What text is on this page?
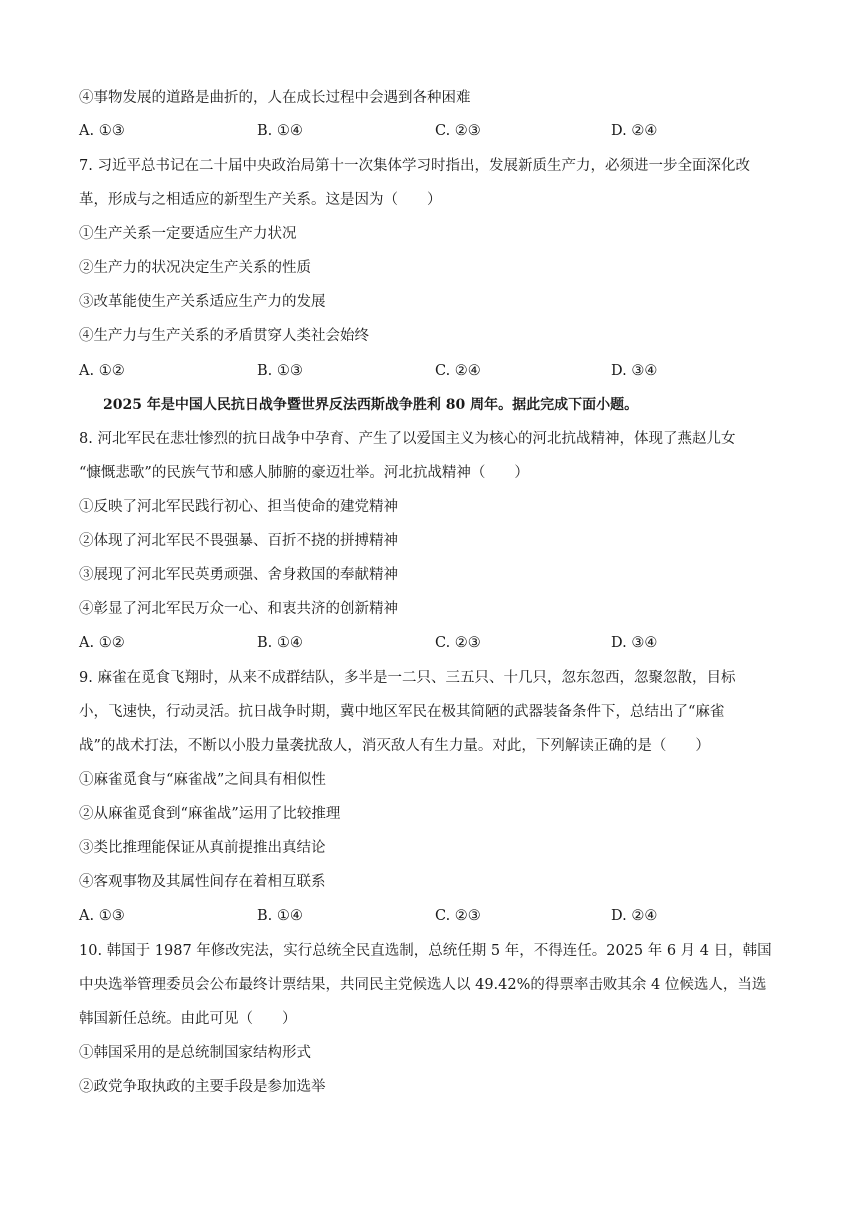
④事物发展的道路是曲折的，人在成长过程中会遇到各种困难
A. ①③	B. ①④	C. ②③	D. ②④
7. 习近平总书记在二十届中央政治局第十一次集体学习时指出，发展新质生产力，必须进一步全面深化改
革，形成与之相适应的新型生产关系。这是因为（　　）
①生产关系一定要适应生产力状况
②生产力的状况决定生产关系的性质
③改革能使生产关系适应生产力的发展
④生产力与生产关系的矛盾贯穿人类社会始终
A. ①②	B. ①③	C. ②④	D. ③④
2025 年是中国人民抗日战争暨世界反法西斯战争胜利 80 周年。据此完成下面小题。
8. 河北军民在悲壮惨烈的抗日战争中孕育、产生了以爱国主义为核心的河北抗战精神，体现了燕赵儿女
“慷慨悲歌”的民族气节和感人肺腑的豪迈壮举。河北抗战精神（　　）
①反映了河北军民践行初心、担当使命的建党精神
②体现了河北军民不畏强暴、百折不挠的拼搏精神
③展现了河北军民英勇顽强、舍身救国的奉献精神
④彰显了河北军民万众一心、和衷共济的创新精神
A. ①②	B. ①④	C. ②③	D. ③④
9. 麻雀在觅食飞翔时，从来不成群结队，多半是一二只、三五只、十几只，忽东忽西，忽聚忽散，目标
小，飞速快，行动灵活。抗日战争时期，冀中地区军民在极其简陋的武器装备条件下，总结出了“麻雀
战”的战术打法，不断以小股力量袭扰敌人，消灭敌人有生力量。对此，下列解读正确的是（　　）
①麻雀觅食与“麻雀战”之间具有相似性
②从麻雀觅食到“麻雀战”运用了比较推理
③类比推理能保证从真前提推出真结论
④客观事物及其属性间存在着相互联系
A. ①③	B. ①④	C. ②③	D. ②④
10. 韩国于 1987 年修改宪法，实行总统全民直选制，总统任期 5 年，不得连任。2025 年 6 月 4 日，韩国
中央选举管理委员会公布最终计票结果，共同民主党候选人以 49.42%的得票率击败其余 4 位候选人，当选
韩国新任总统。由此可见（　　）
①韩国采用的是总统制国家结构形式
②政党争取执政的主要手段是参加选举
